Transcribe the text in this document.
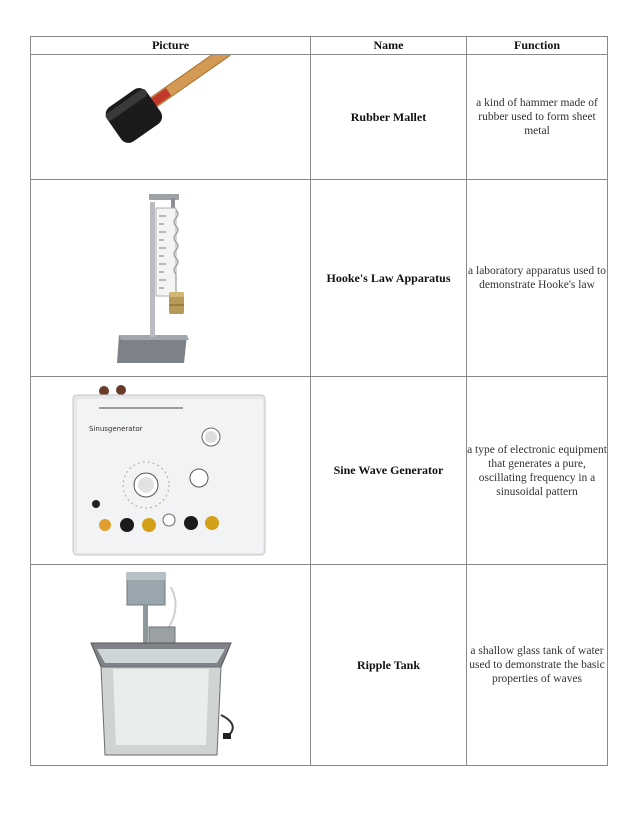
Picture	Name	Function

	Rubber Mallet	a kind of hammer made of rubber used to form sheet metal

	Hooke's Law Apparatus	a laboratory apparatus used to demonstrate Hooke's law

Sinusgenerator	Sine Wave Generator	a type of electronic equipment that generates a pure, oscillating frequency in a sinusoidal pattern

	Ripple Tank	a shallow glass tank of water used to demonstrate the basic properties of waves
